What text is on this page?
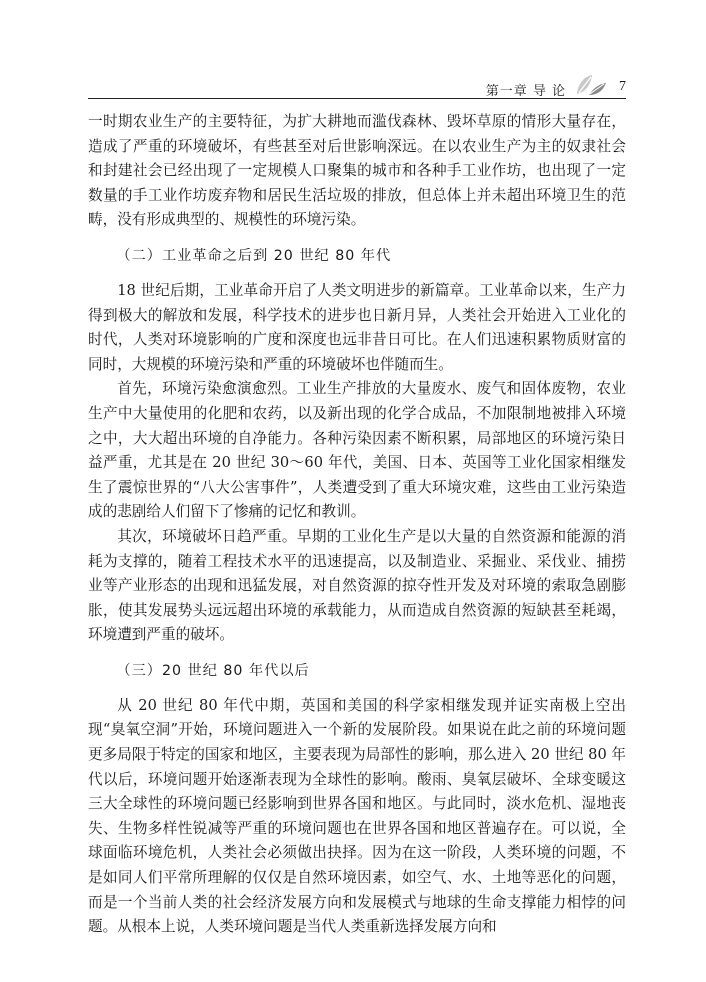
第一章 导 论	7

一时期农业生产的主要特征，为扩大耕地而滥伐森林、毁坏草原的情形大量存在，造成了严重的环境破坏，有些甚至对后世影响深远。在以农业生产为主的奴隶社会和封建社会已经出现了一定规模人口聚集的城市和各种手工业作坊，也出现了一定数量的手工业作坊废弃物和居民生活垃圾的排放，但总体上并未超出环境卫生的范畴，没有形成典型的、规模性的环境污染。

（二）工业革命之后到 20 世纪 80 年代

18 世纪后期，工业革命开启了人类文明进步的新篇章。工业革命以来，生产力得到极大的解放和发展，科学技术的进步也日新月异，人类社会开始进入工业化的时代，人类对环境影响的广度和深度也远非昔日可比。在人们迅速积累物质财富的同时，大规模的环境污染和严重的环境破坏也伴随而生。

首先，环境污染愈演愈烈。工业生产排放的大量废水、废气和固体废物，农业生产中大量使用的化肥和农药，以及新出现的化学合成品，不加限制地被排入环境之中，大大超出环境的自净能力。各种污染因素不断积累，局部地区的环境污染日益严重，尤其是在 20 世纪 30～60 年代，美国、日本、英国等工业化国家相继发生了震惊世界的“八大公害事件”，人类遭受到了重大环境灾难，这些由工业污染造成的悲剧给人们留下了惨痛的记忆和教训。

其次，环境破坏日趋严重。早期的工业化生产是以大量的自然资源和能源的消耗为支撑的，随着工程技术水平的迅速提高，以及制造业、采掘业、采伐业、捕捞业等产业形态的出现和迅猛发展，对自然资源的掠夺性开发及对环境的索取急剧膨胀，使其发展势头远远超出环境的承载能力，从而造成自然资源的短缺甚至耗竭，环境遭到严重的破坏。

（三）20 世纪 80 年代以后

从 20 世纪 80 年代中期，英国和美国的科学家相继发现并证实南极上空出现“臭氧空洞”开始，环境问题进入一个新的发展阶段。如果说在此之前的环境问题更多局限于特定的国家和地区，主要表现为局部性的影响，那么进入 20 世纪 80 年代以后，环境问题开始逐渐表现为全球性的影响。酸雨、臭氧层破坏、全球变暖这三大全球性的环境问题已经影响到世界各国和地区。与此同时，淡水危机、湿地丧失、生物多样性锐减等严重的环境问题也在世界各国和地区普遍存在。可以说，全球面临环境危机，人类社会必须做出抉择。因为在这一阶段，人类环境的问题，不是如同人们平常所理解的仅仅是自然环境因素，如空气、水、土地等恶化的问题，而是一个当前人类的社会经济发展方向和发展模式与地球的生命支撑能力相悖的问题。从根本上说，人类环境问题是当代人类重新选择发展方向和
